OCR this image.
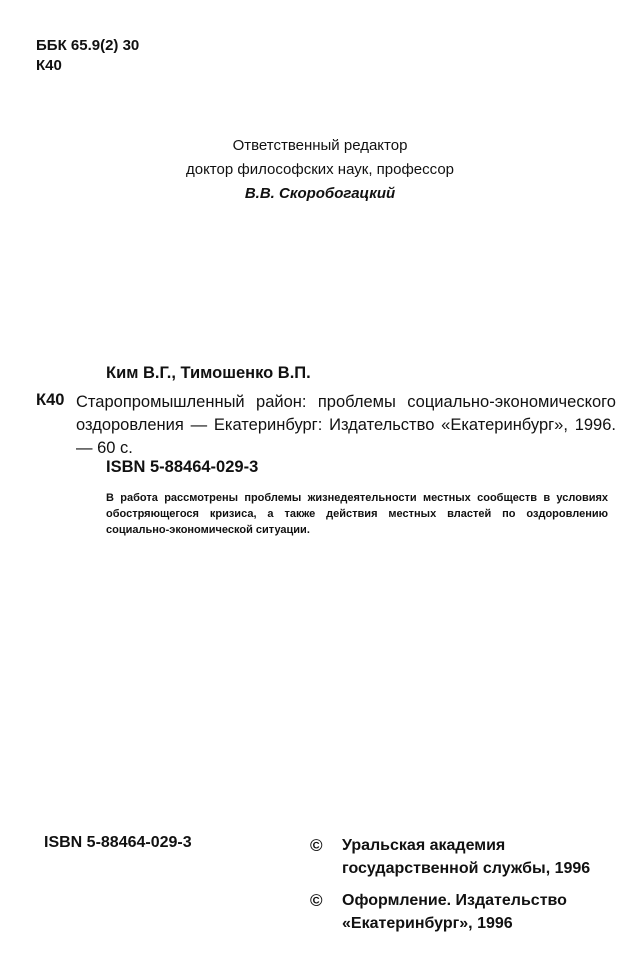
ББК 65.9(2) 30
К40
Ответственный редактор
доктор философских наук, профессор
В.В. Скоробогацкий
Ким В.Г., Тимошенко В.П.
К40 Старопромышленный район: проблемы социально-экономического оздоровления — Екатеринбург: Издательство «Екатеринбург», 1996. — 60 с.
ISBN 5-88464-029-3
В работа рассмотрены проблемы жизнедеятельности местных сообществ в условиях обостряющегося кризиса, а также действия местных властей по оздоровлению социально-экономической ситуации.
ISBN 5-88464-029-3	© Уральская академия государственной службы, 1996
© Оформление. Издательство «Екатеринбург», 1996
